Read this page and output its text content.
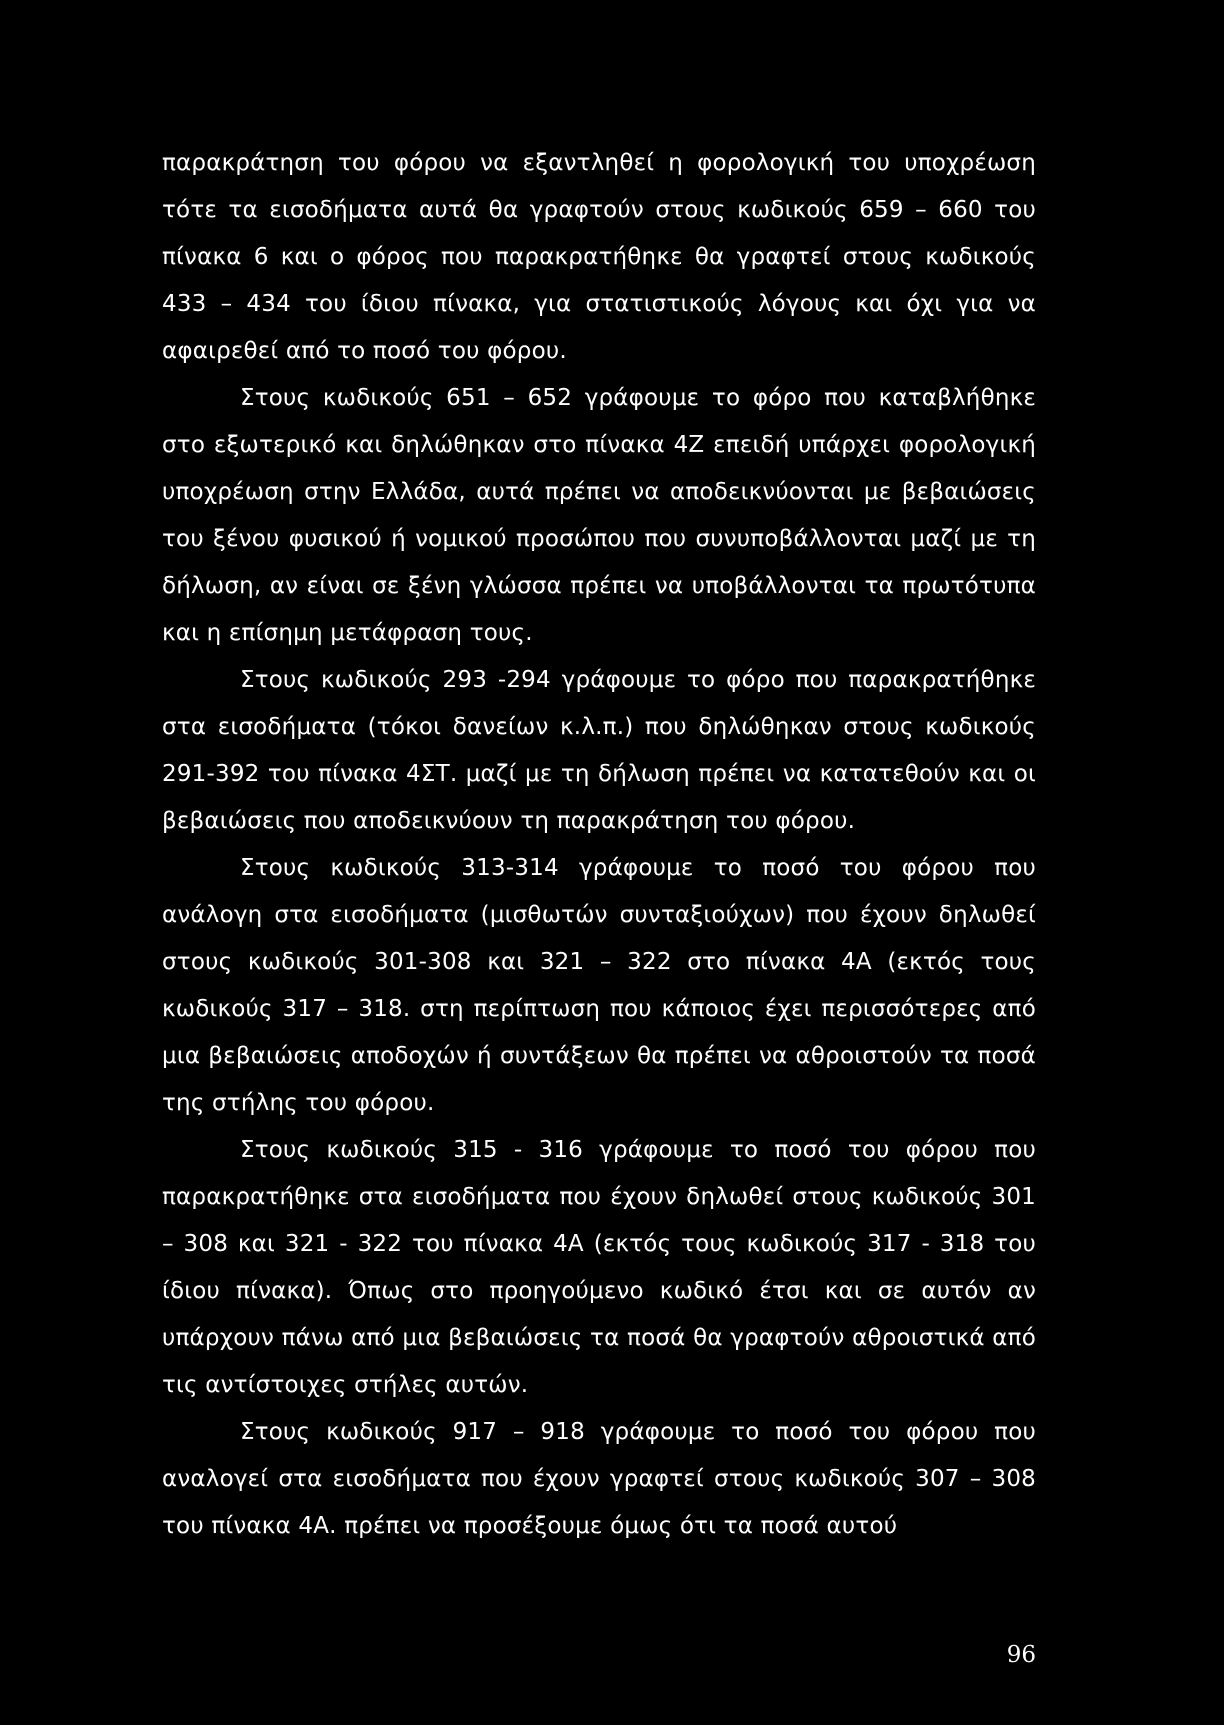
παρακράτηση του φόρου να εξαντληθεί η φορολογική του υποχρέωση τότε τα εισοδήματα αυτά θα γραφτούν στους κωδικούς 659 – 660 του πίνακα 6 και ο φόρος που παρακρατήθηκε θα γραφτεί στους κωδικούς 433 – 434 του ίδιου πίνακα, για στατιστικούς λόγους και όχι για να αφαιρεθεί από το ποσό του φόρου.

Στους κωδικούς 651 – 652 γράφουμε το φόρο που καταβλήθηκε στο εξωτερικό και δηλώθηκαν στο πίνακα 4Ζ επειδή υπάρχει φορολογική υποχρέωση στην Ελλάδα, αυτά πρέπει να αποδεικνύονται με βεβαιώσεις του ξένου φυσικού ή νομικού προσώπου που συνυποβάλλονται μαζί με τη δήλωση, αν είναι σε ξένη γλώσσα πρέπει να υποβάλλονται τα πρωτότυπα και η επίσημη μετάφραση τους.

Στους κωδικούς 293 -294 γράφουμε το φόρο που παρακρατήθηκε στα εισοδήματα (τόκοι δανείων κ.λ.π.) που δηλώθηκαν στους κωδικούς 291-392 του πίνακα 4ΣΤ. μαζί με τη δήλωση πρέπει να κατατεθούν και οι βεβαιώσεις που αποδεικνύουν τη παρακράτηση του φόρου.

Στους κωδικούς 313-314 γράφουμε το ποσό του φόρου που ανάλογη στα εισοδήματα (μισθωτών συνταξιούχων) που έχουν δηλωθεί στους κωδικούς 301-308 και 321 – 322 στο πίνακα 4Α (εκτός τους κωδικούς 317 – 318. στη περίπτωση που κάποιος έχει περισσότερες από μια βεβαιώσεις αποδοχών ή συντάξεων θα πρέπει να αθροιστούν τα ποσά της στήλης του φόρου.

Στους κωδικούς 315 - 316 γράφουμε το ποσό του φόρου που παρακρατήθηκε στα εισοδήματα που έχουν δηλωθεί στους κωδικούς 301 – 308 και 321 - 322 του πίνακα 4Α (εκτός τους κωδικούς 317 - 318 του ίδιου πίνακα). Όπως στο προηγούμενο κωδικό έτσι και σε αυτόν αν υπάρχουν πάνω από μια βεβαιώσεις τα ποσά θα γραφτούν αθροιστικά από τις αντίστοιχες στήλες αυτών.

Στους κωδικούς 917 – 918 γράφουμε το ποσό του φόρου που αναλογεί στα εισοδήματα που έχουν γραφτεί στους κωδικούς 307 – 308 του πίνακα 4Α. πρέπει να προσέξουμε όμως ότι τα ποσά αυτού

96
